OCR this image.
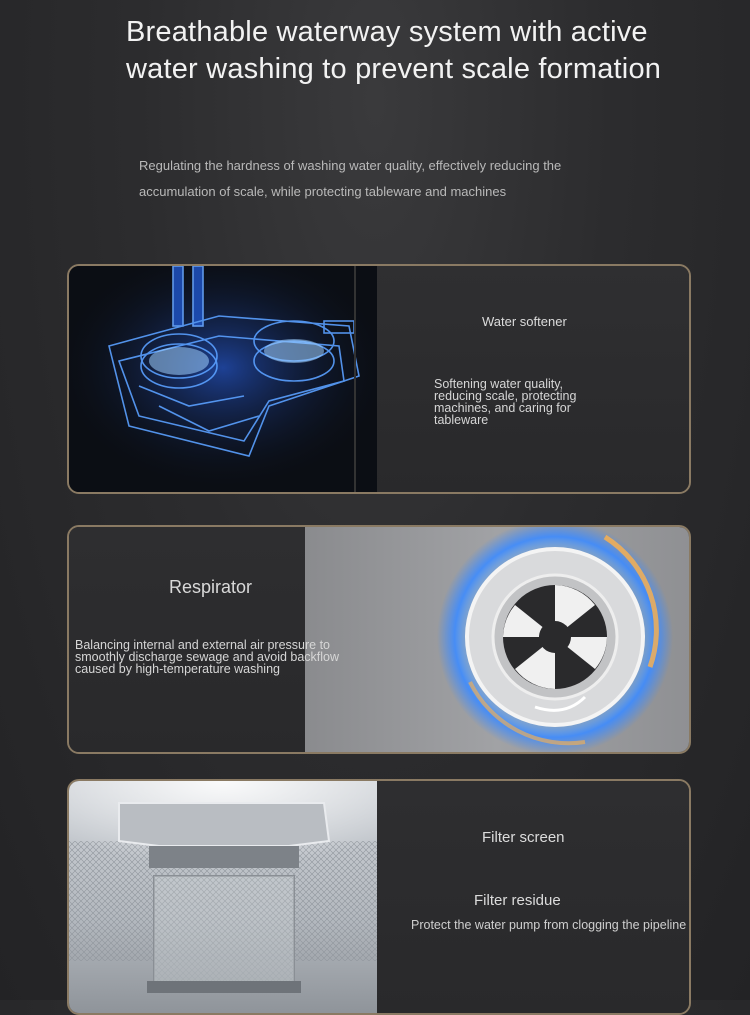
Breathable waterway system with active water washing to prevent scale formation

Regulating the hardness of washing water quality, effectively reducing the accumulation of scale, while protecting tableware and machines

Water softener
Softening water quality, reducing scale, protecting machines, and caring for tableware
Respirator
Balancing internal and external air pressure to smoothly discharge sewage and avoid backflow caused by high-temperature washing
Filter screen
Filter residue
Protect the water pump from clogging the pipeline
